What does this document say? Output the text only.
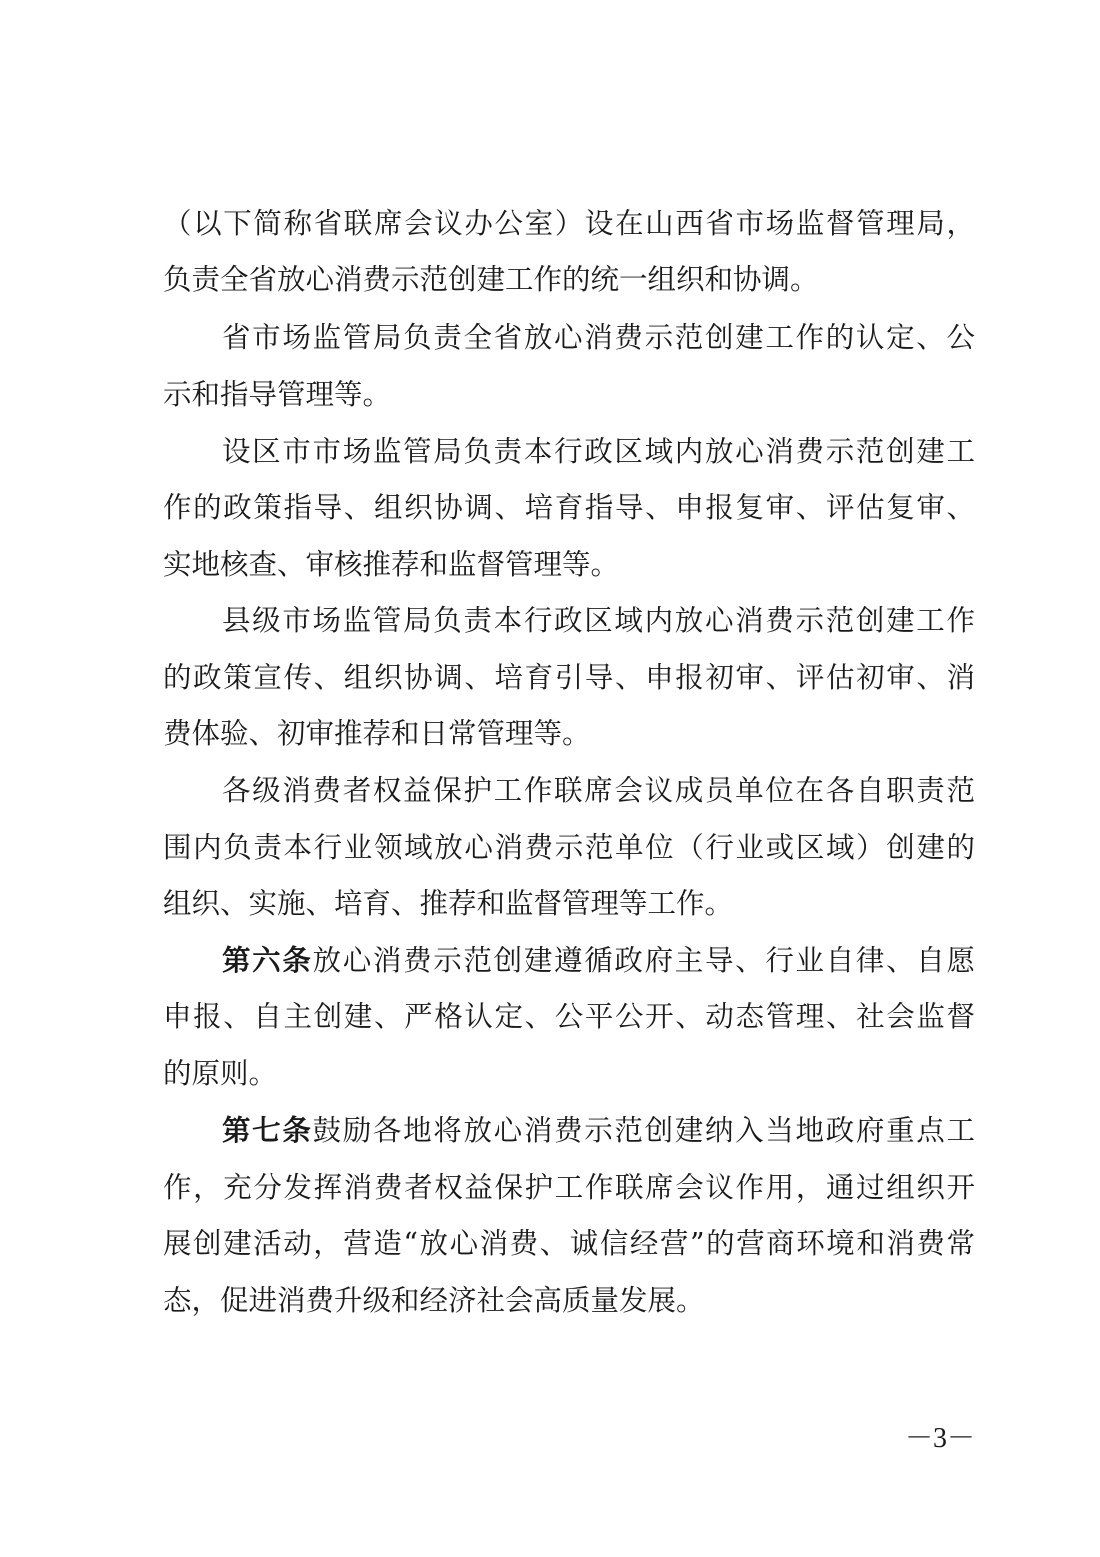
（以下简称省联席会议办公室）设在山西省市场监督管理局，
负责全省放心消费示范创建工作的统一组织和协调。
省市场监管局负责全省放心消费示范创建工作的认定、公
示和指导管理等。
设区市市场监管局负责本行政区域内放心消费示范创建工
作的政策指导、组织协调、培育指导、申报复审、评估复审、
实地核查、审核推荐和监督管理等。
县级市场监管局负责本行政区域内放心消费示范创建工作
的政策宣传、组织协调、培育引导、申报初审、评估初审、消
费体验、初审推荐和日常管理等。
各级消费者权益保护工作联席会议成员单位在各自职责范
围内负责本行业领域放心消费示范单位（行业或区域）创建的
组织、实施、培育、推荐和监督管理等工作。
第六条放心消费示范创建遵循政府主导、行业自律、自愿
申报、自主创建、严格认定、公平公开、动态管理、社会监督
的原则。
第七条鼓励各地将放心消费示范创建纳入当地政府重点工
作，充分发挥消费者权益保护工作联席会议作用，通过组织开
展创建活动，营造“放心消费、诚信经营”的营商环境和消费常
态，促进消费升级和经济社会高质量发展。
－3－
